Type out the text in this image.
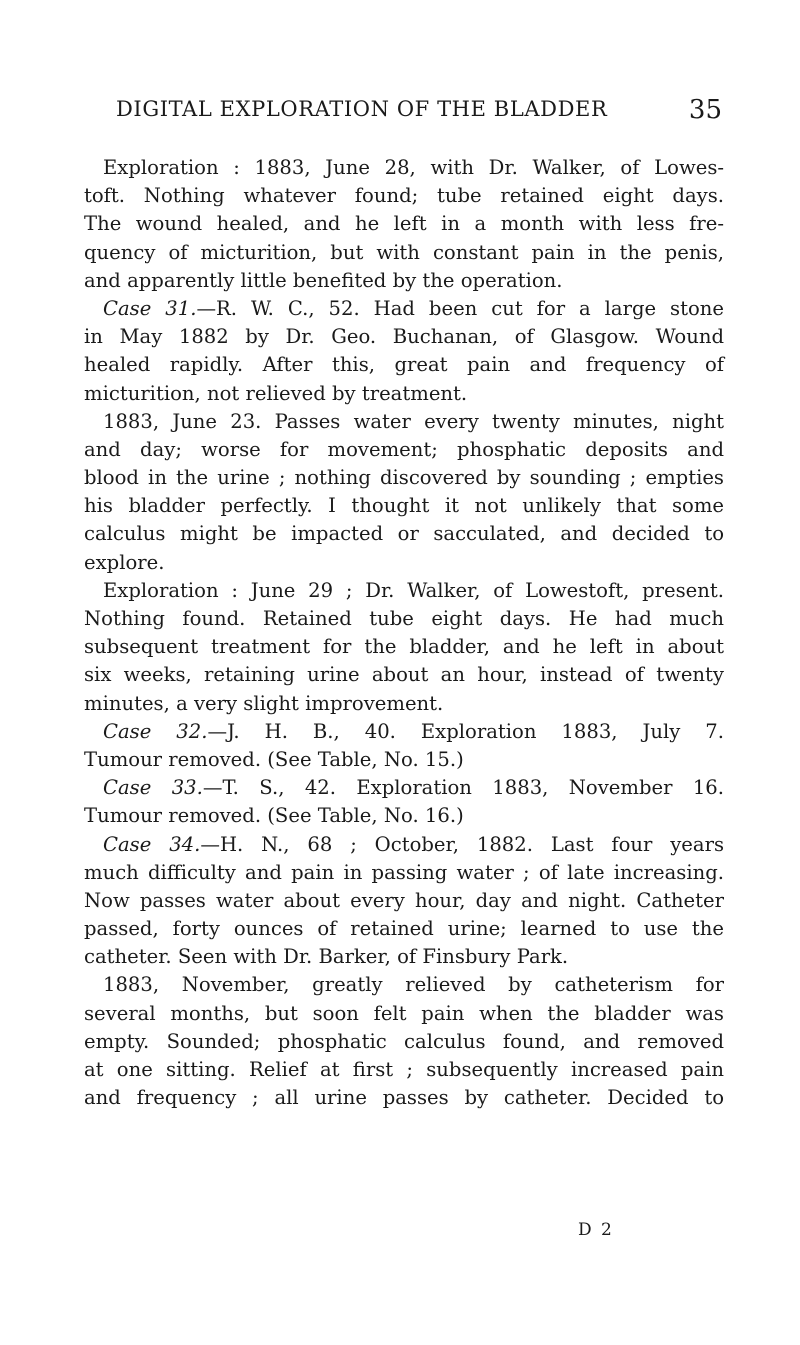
DIGITAL EXPLORATION OF THE BLADDER	35
Exploration : 1883, June 28, with Dr. Walker, of Lowes-
toft. Nothing whatever found; tube retained eight days.
The wound healed, and he left in a month with less fre-
quency of micturition, but with constant pain in the penis,
and apparently little benefited by the operation.
Case 31.—R. W. C., 52. Had been cut for a large stone
in May 1882 by Dr. Geo. Buchanan, of Glasgow. Wound
healed rapidly. After this, great pain and frequency of
micturition, not relieved by treatment.
1883, June 23. Passes water every twenty minutes, night
and day; worse for movement; phosphatic deposits and
blood in the urine ; nothing discovered by sounding ; empties
his bladder perfectly. I thought it not unlikely that some
calculus might be impacted or sacculated, and decided to
explore.
Exploration : June 29 ; Dr. Walker, of Lowestoft, present.
Nothing found. Retained tube eight days. He had much
subsequent treatment for the bladder, and he left in about
six weeks, retaining urine about an hour, instead of twenty
minutes, a very slight improvement.
Case 32.—J. H. B., 40. Exploration 1883, July 7.
Tumour removed. (See Table, No. 15.)
Case 33.—T. S., 42. Exploration 1883, November 16.
Tumour removed. (See Table, No. 16.)
Case 34.—H. N., 68 ; October, 1882. Last four years
much difficulty and pain in passing water ; of late increasing.
Now passes water about every hour, day and night. Catheter
passed, forty ounces of retained urine; learned to use the
catheter. Seen with Dr. Barker, of Finsbury Park.
1883, November, greatly relieved by catheterism for
several months, but soon felt pain when the bladder was
empty. Sounded; phosphatic calculus found, and removed
at one sitting. Relief at first ; subsequently increased pain
and frequency ; all urine passes by catheter. Decided to
D 2
